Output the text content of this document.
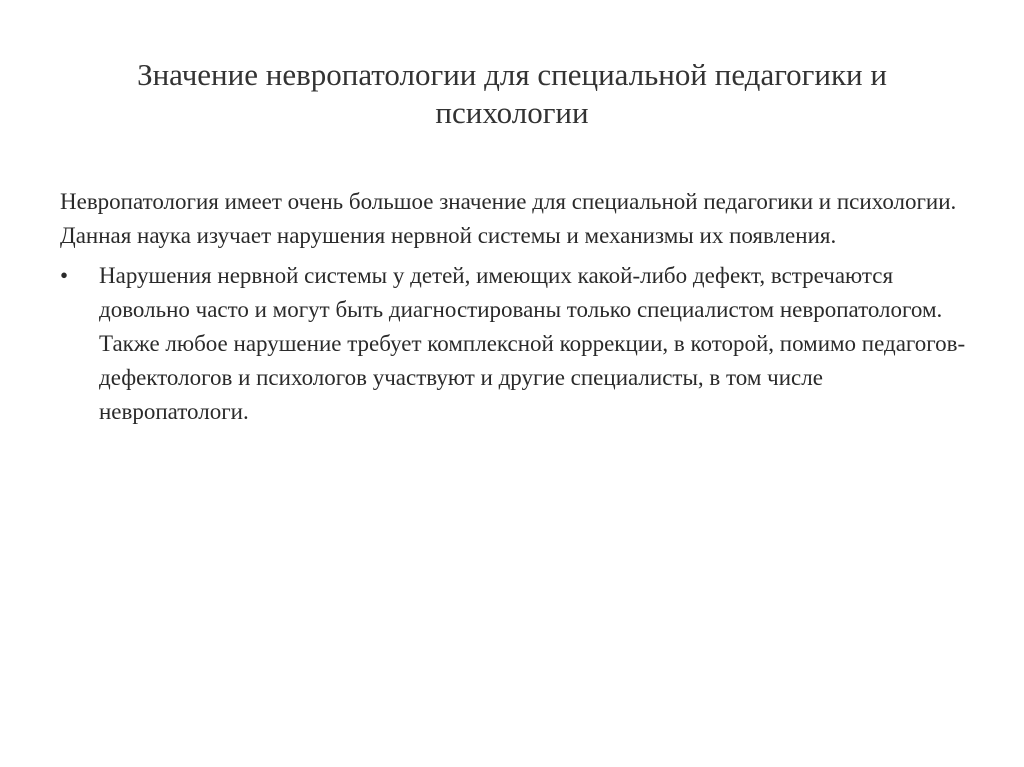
Значение невропатологии для специальной педагогики и психологии

Невропатология имеет очень большое значение для специальной педагогики и психологии. Данная наука изучает нарушения нервной системы и механизмы их появления.

•	Нарушения нервной системы у детей, имеющих какой-либо дефект, встречаются довольно часто и могут быть диагностированы только специалистом невропатологом. Также любое нарушение требует комплексной коррекции, в которой, помимо педагогов-дефектологов и психологов участвуют и другие специалисты, в том числе невропатологи.
